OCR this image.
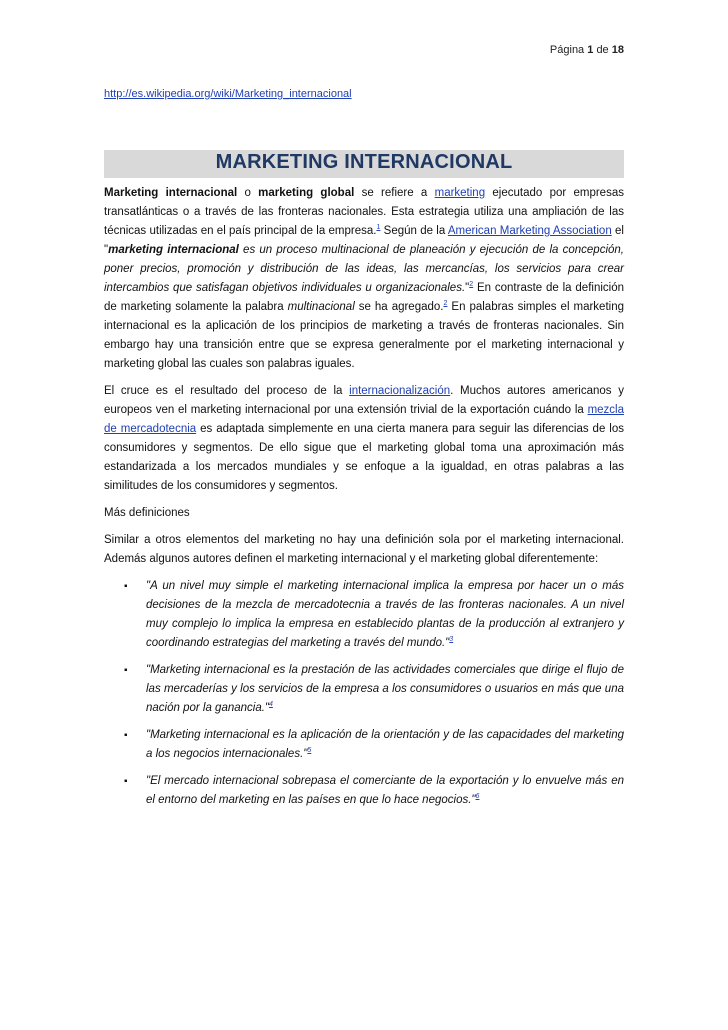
Página 1 de 18
http://es.wikipedia.org/wiki/Marketing_internacional
MARKETING INTERNACIONAL

Marketing internacional o marketing global se refiere a marketing ejecutado por empresas transatlánticas o a través de las fronteras nacionales. Esta estrategia utiliza una ampliación de las técnicas utilizadas en el país principal de la empresa.$^1$ Según de la American Marketing Association el "marketing internacional es un proceso multinacional de planeación y ejecución de la concepción, poner precios, promoción y distribución de las ideas, las mercancías, los servicios para crear intercambios que satisfagan objetivos individuales u organizacionales."$^2$ En contraste de la definición de marketing solamente la palabra multinacional se ha agregado.$^2$ En palabras simples el marketing internacional es la aplicación de los principios de marketing a través de fronteras nacionales. Sin embargo hay una transición entre que se expresa generalmente por el marketing internacional y marketing global las cuales son palabras iguales.

El cruce es el resultado del proceso de la internacionalización. Muchos autores americanos y europeos ven el marketing internacional por una extensión trivial de la exportación cuándo la mezcla de mercadotecnia es adaptada simplemente en una cierta manera para seguir las diferencias de los consumidores y segmentos. De ello sigue que el marketing global toma una aproximación más estandarizada a los mercados mundiales y se enfoque a la igualdad, en otras palabras a las similitudes de los consumidores y segmentos.

Más definiciones

Similar a otros elementos del marketing no hay una definición sola por el marketing internacional. Además algunos autores definen el marketing internacional y el marketing global diferentemente:

▪ "A un nivel muy simple el marketing internacional implica la empresa por hacer un o más decisiones de la mezcla de mercadotecnia a través de las fronteras nacionales. A un nivel muy complejo lo implica la empresa en establecido plantas de la producción al extranjero y coordinando estrategias del marketing a través del mundo."$^3$
▪ "Marketing internacional es la prestación de las actividades comerciales que dirige el flujo de las mercaderías y los servicios de la empresa a los consumidores o usuarios en más que una nación por la ganancia."$^4$
▪ "Marketing internacional es la aplicación de la orientación y de las capacidades del marketing a los negocios internacionales."$^5$
▪ "El mercado internacional sobrepasa el comerciante de la exportación y lo envuelve más en el entorno del marketing en las países en que lo hace negocios."$^6$
